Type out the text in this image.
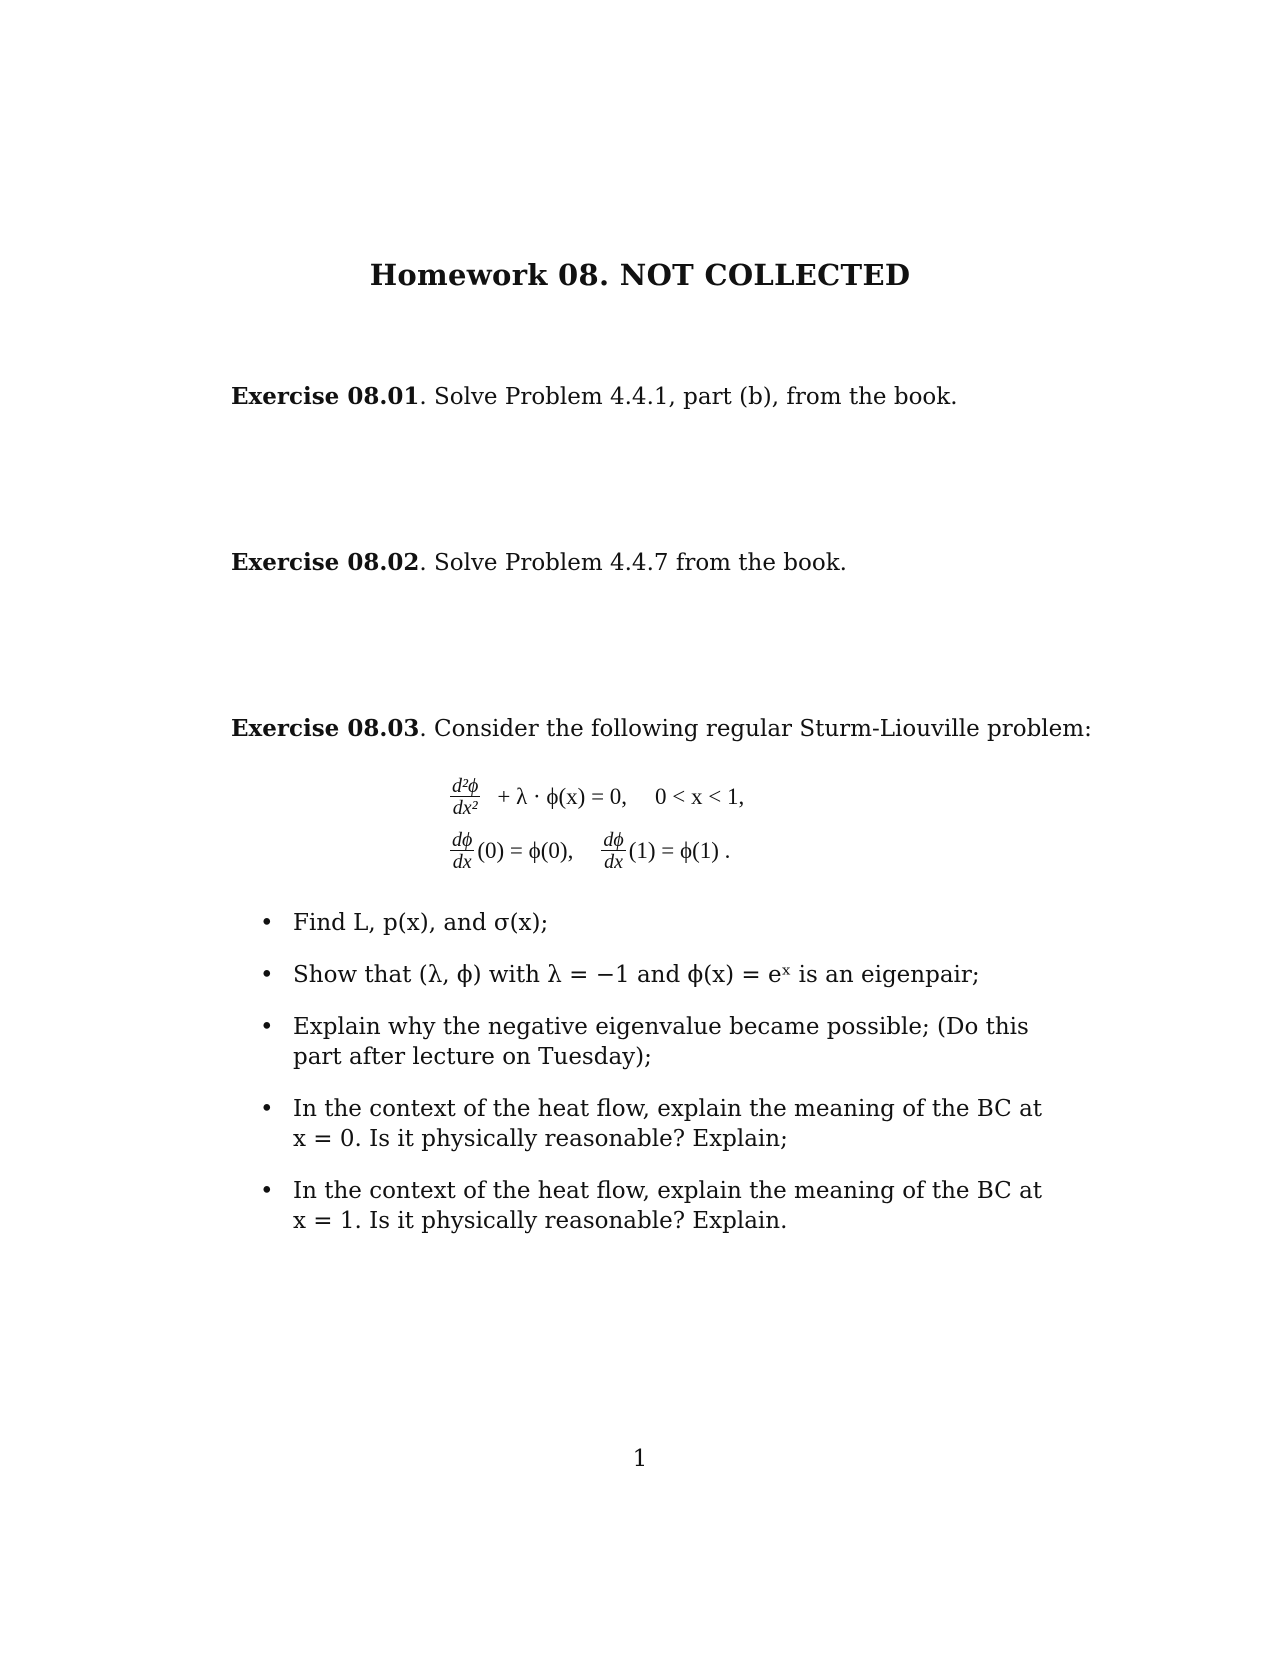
Homework 08. NOT COLLECTED
Exercise 08.01. Solve Problem 4.4.1, part (b), from the book.
Exercise 08.02. Solve Problem 4.4.7 from the book.
Exercise 08.03. Consider the following regular Sturm-Liouville problem:
$\frac{\text{d²ϕ}}{\text{dx²}} + \lambda \cdot \phi(x) = 0$, 0 < x < 1,
$\frac{d\phi}{dx} (0) = \phi(0)$, $\frac{d\phi}{dx} (1) = \phi(1)$ .
• Find L, p(x), and σ(x);
• Show that (λ, ϕ) with λ = −1 and ϕ(x) = eˣ is an eigenpair;
• Explain why the negative eigenvalue became possible; (Do this part after lecture on Tuesday);
• In the context of the heat flow, explain the meaning of the BC at x = 0. Is it physically reasonable? Explain;
• In the context of the heat flow, explain the meaning of the BC at x = 1. Is it physically reasonable? Explain.
1
